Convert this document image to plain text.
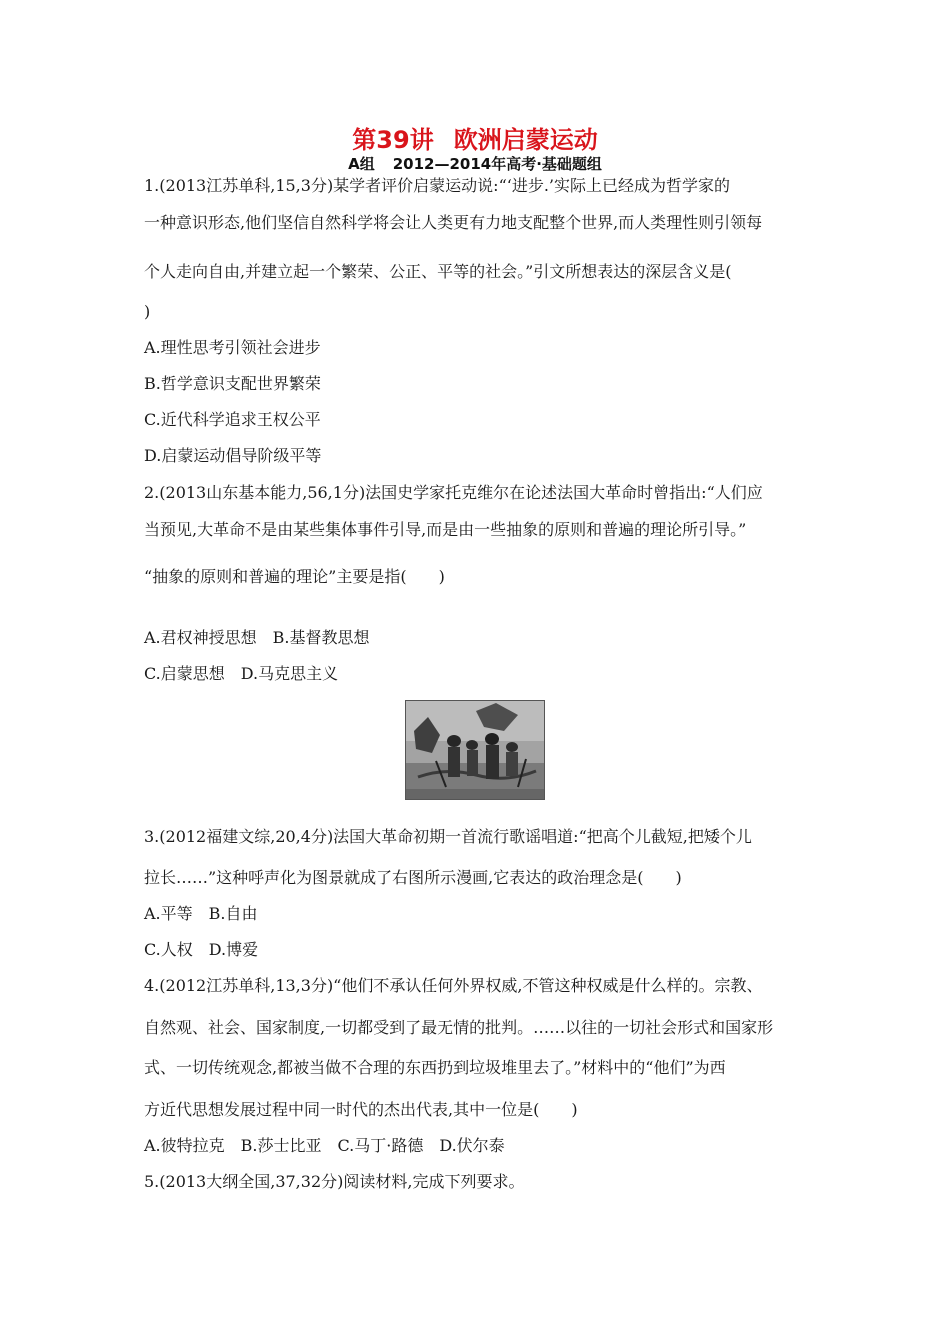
第39讲 欧洲启蒙运动
A组 2012—2014年高考·基础题组
1.(2013江苏单科,15,3分)某学者评价启蒙运动说:“‘进步.’实际上已经成为哲学家的
一种意识形态,他们坚信自然科学将会让人类更有力地支配整个世界,而人类理性则引领每
个人走向自由,并建立起一个繁荣、公正、平等的社会。”引文所想表达的深层含义是(
)
A.理性思考引领社会进步
B.哲学意识支配世界繁荣
C.近代科学追求王权公平
D.启蒙运动倡导阶级平等
2.(2013山东基本能力,56,1分)法国史学家托克维尔在论述法国大革命时曾指出:“人们应
当预见,大革命不是由某些集体事件引导,而是由一些抽象的原则和普遍的理论所引导。”
“抽象的原则和普遍的理论”主要是指(　　)
A.君权神授思想　B.基督教思想
C.启蒙思想　D.马克思主义
3.(2012福建文综,20,4分)法国大革命初期一首流行歌谣唱道:“把高个儿截短,把矮个儿
拉长……”这种呼声化为图景就成了右图所示漫画,它表达的政治理念是(　　)
A.平等　B.自由
C.人权　D.博爱
4.(2012江苏单科,13,3分)“他们不承认任何外界权威,不管这种权威是什么样的。宗教、
自然观、社会、国家制度,一切都受到了最无情的批判。……以往的一切社会形式和国家形
式、一切传统观念,都被当做不合理的东西扔到垃圾堆里去了。”材料中的“他们”为西
方近代思想发展过程中同一时代的杰出代表,其中一位是(　　)
A.彼特拉克　B.莎士比亚　C.马丁·路德　D.伏尔泰
5.(2013大纲全国,37,32分)阅读材料,完成下列要求。
